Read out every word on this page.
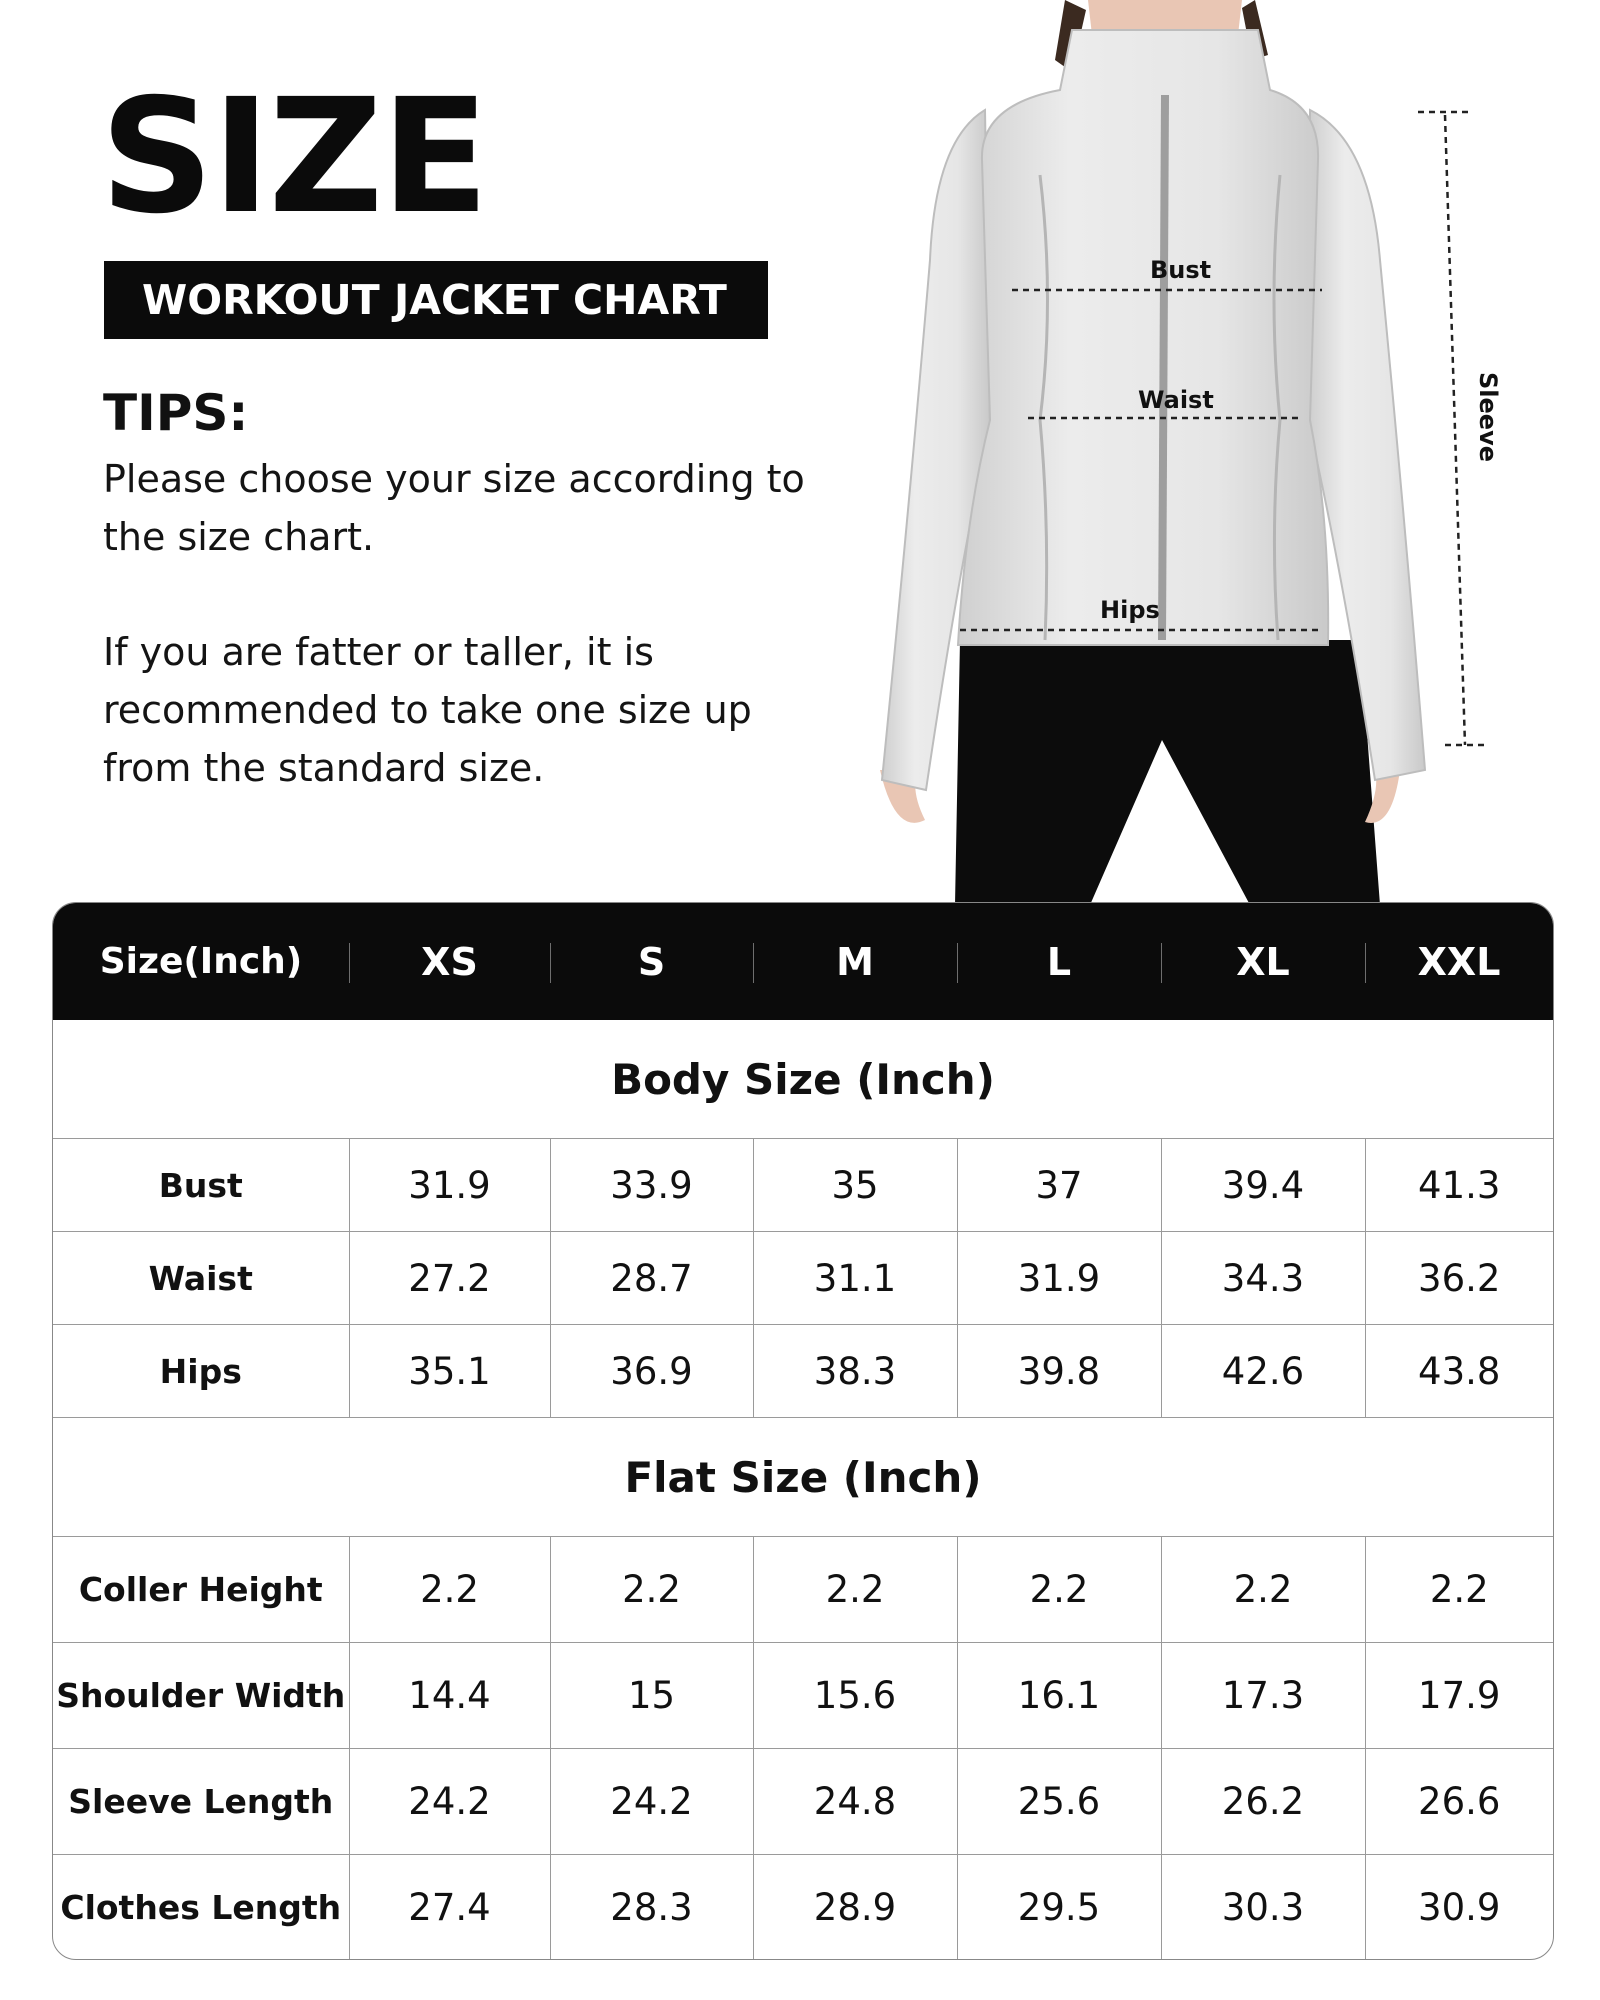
SIZE
WORKOUT JACKET CHART
TIPS:

Please choose your size according to the size chart.

If you are fatter or taller, it is recommended to take one size up from the standard size.

Bust
Waist
Hips
Sleeve
Size(Inch)	XS	S	M	L	XL	XXL
Body Size (Inch)						
Bust	31.9	33.9	35	37	39.4	41.3
Waist	27.2	28.7	31.1	31.9	34.3	36.2
Hips	35.1	36.9	38.3	39.8	42.6	43.8
Flat Size (Inch)						
Coller Height	2.2	2.2	2.2	2.2	2.2	2.2
Shoulder Width	14.4	15	15.6	16.1	17.3	17.9
Sleeve Length	24.2	24.2	24.8	25.6	26.2	26.6
Clothes Length	27.4	28.3	28.9	29.5	30.3	30.9
